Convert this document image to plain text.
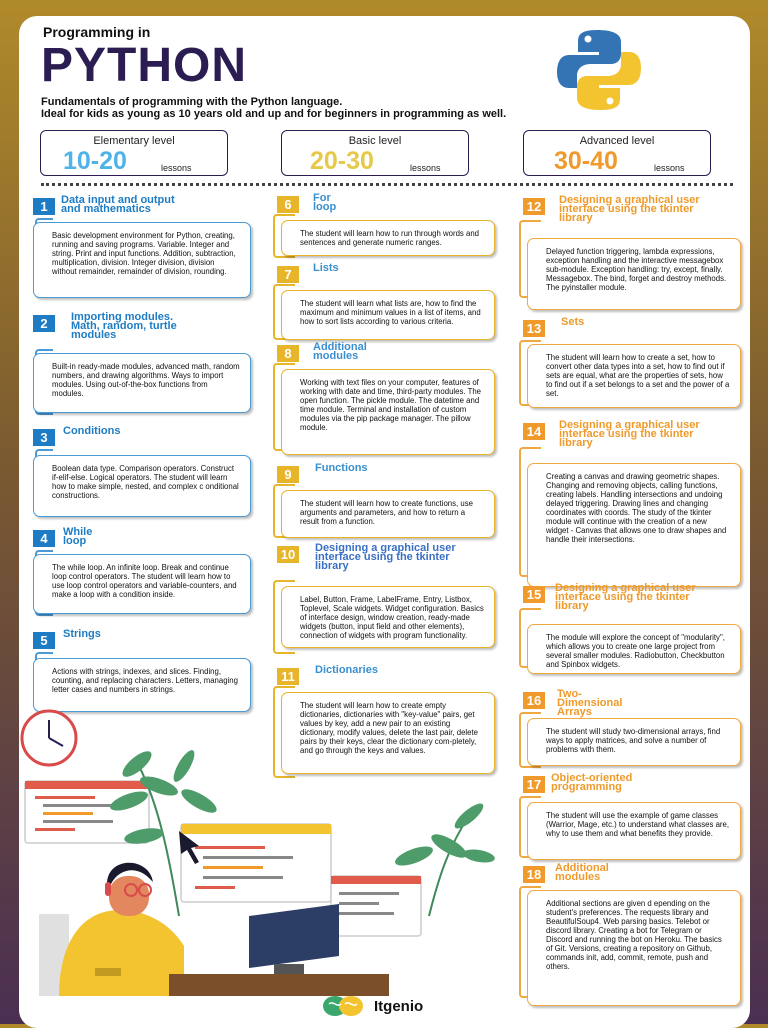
Programming in
PYTHON
Fundamentals of programming with the Python language.
Ideal for kids as young as 10 years old and up and for beginners in programming as well.
Elementary level
10-20	lessons
Basic level
20-30	lessons
Advanced level
30-40	lessons
1	Data input and output
and mathematics
Basic development environment for Python, creating, running and saving programs. Variable. Integer and string. Print and input functions. Addition, subtraction, multiplication, division. Integer division, division without remainder, remainder of division, rounding.
2	Importing modules.
Math, random, turtle
modules
Built-in ready-made modules, advanced math, random numbers, and drawing algorithms. Ways to import modules. Using out-of-the-box functions from modules.
3	Conditions
Boolean data type. Comparison operators. Construct if-elif-else. Logical operators. The student will learn how to make simple, nested, and complex c onditional constructions.
4	While loop
The while loop. An infinite loop. Break and continue loop control operators. The student will learn how to use loop control operators and variable-counters, and make a loop with a condition inside.
5	Strings
Actions with strings, indexes, and slices. Finding, counting, and replacing characters. Letters, managing letter cases and numbers in strings.
6	For loop
The student will learn how to run through words and sentences and generate numeric ranges.
7	Lists
The student will learn what lists are, how to find the maximum and minimum values in a list of items, and how to sort lists according to various criteria.
8	Additional modules
Working with text files on your computer, features of working with date and time, third-party modules. The open function. The pickle module. The datetime and time module. Terminal and installation of custom modules via the pip package manager. The pillow module.
9	Functions
The student will learn how to create functions, use arguments and parameters, and how to return a result from a function.
10	Designing a graphical user
interface using the tkinter
library
Label, Button, Frame, LabelFrame, Entry, Listbox, Toplevel, Scale widgets. Widget configuration. Basics of interface design, window creation, ready-made widgets (button, input field and other elements), connection of widgets with program functionality.
11	Dictionaries
The student will learn how to create empty dictionaries, dictionaries with "key-value" pairs, get values by key, add a new pair to an existing dictionary, modify values, delete the last pair, delete pairs by their keys, clear the dictionary com-pletely, and go through the keys and values.
12	Designing a graphical user
interface using the tkinter
library
Delayed function triggering, lambda expressions, exception handling and the interactive messagebox sub-module. Exception handling: try, except, finally. Messagebox. The bind, forget and destroy methods. The pyinstaller module.
13	Sets
The student will learn how to create a set, how to convert other data types into a set, how to find out if sets are equal, what are the properties of sets, how to find out if a set belongs to a set and the power of a set.
14	Designing a graphical user
interface using the tkinter
library
Creating a canvas and drawing geometric shapes. Changing and removing objects, calling functions, creating labels. Handling intersections and undoing delayed triggering. Drawing lines and changing coordinates with coords. The study of the tkinter module will continue with the creation of a new widget - Canvas that allows one to draw shapes and handle their intersections.
15	Designing a graphical user
interface using the tkinter
library
The module will explore the concept of "modularity", which allows you to create one large project from several smaller modules. Radiobutton, Checkbutton and Spinbox widgets.
16	Two-Dimensional Arrays
The student will study two-dimensional arrays, find ways to apply matrices, and solve a number of problems with them.
17 Object-oriented
programming
The student will use the example of game classes (Warrior, Mage, etc.) to understand what classes are, why to use them and what benefits they provide.
18	Additional modules
Additional sections are given d epending on the student's preferences. The requests library and BeautifulSoup4. Web parsing basics. Telebot or discord library. Creating a bot for Telegram or Discord and running the bot on Heroku. The basics of Git. Versions, creating a repository on Github, commands init, add, commit, remote, push and others.
Itgenio
